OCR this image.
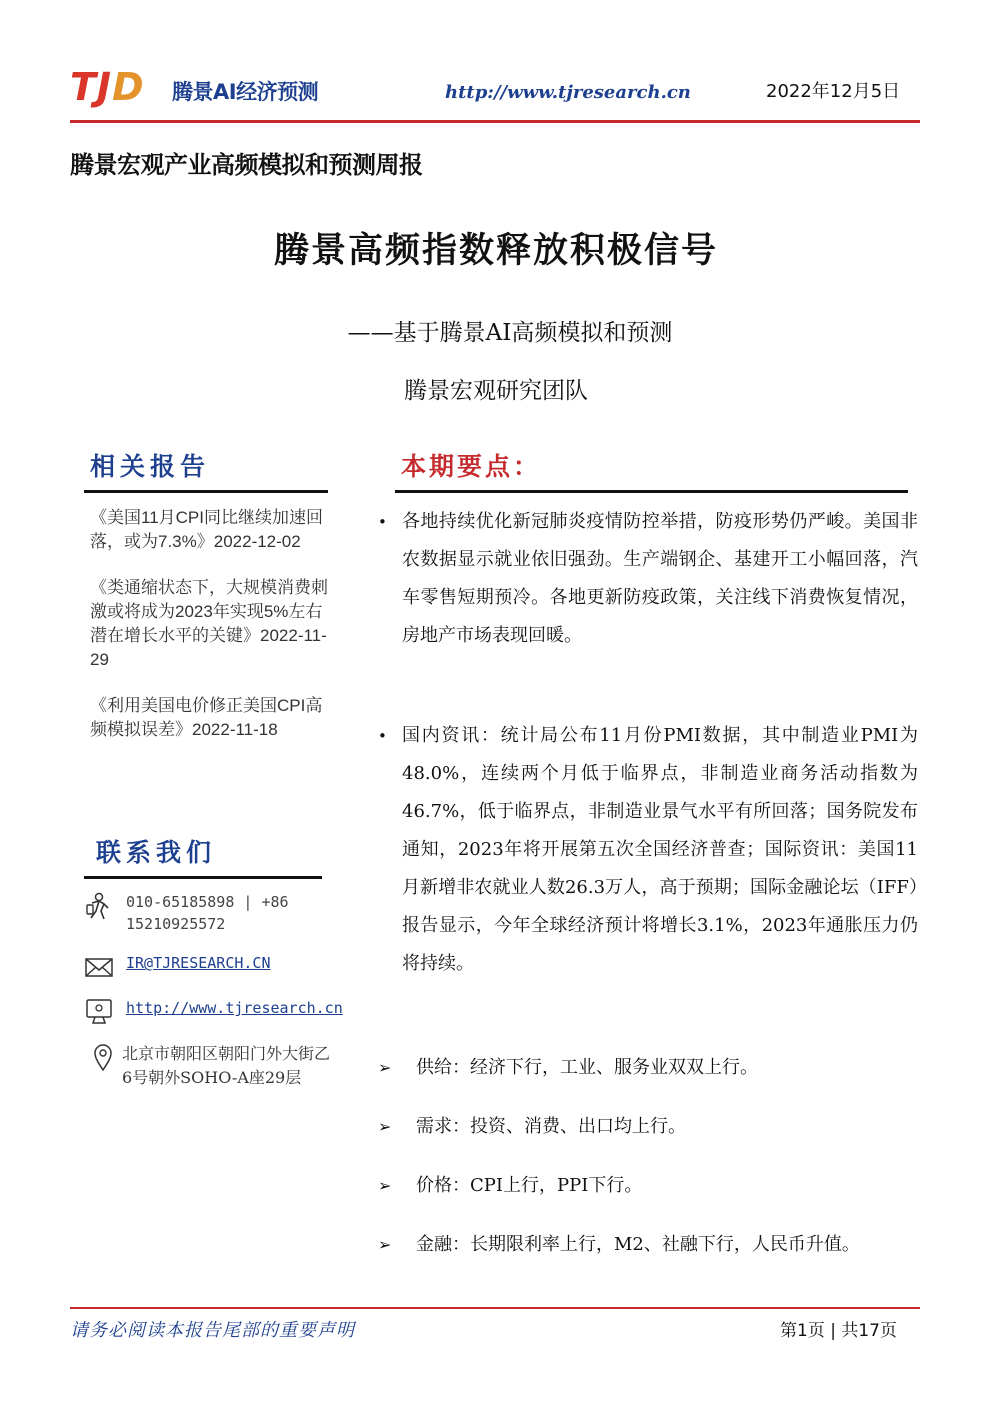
TJD 腾景AI经济预测	http://www.tjresearch.cn	2022年12月5日
腾景宏观产业高频模拟和预测周报
腾景高频指数释放积极信号
——基于腾景AI高频模拟和预测
腾景宏观研究团队
相关报告
《美国11月CPI同比继续加速回落，或为7.3%》2022-12-02
《类通缩状态下，大规模消费刺激或将成为2023年实现5%左右潜在增长水平的关键》2022-11-29
《利用美国电价修正美国CPI高频模拟误差》2022-11-18
联系我们
010-65185898 | +86
15210925572
IR@TJRESEARCH.CN
http://www.tjresearch.cn
北京市朝阳区朝阳门外大街乙
6号朝外SOHO-A座29层
本期要点：
• 各地持续优化新冠肺炎疫情防控举措，防疫形势仍严峻。美国非农数据显示就业依旧强劲。生产端钢企、基建开工小幅回落，汽车零售短期预冷。各地更新防疫政策，关注线下消费恢复情况，房地产市场表现回暖。
• 国内资讯：统计局公布11月份PMI数据，其中制造业PMI为48.0%，连续两个月低于临界点，非制造业商务活动指数为46.7%，低于临界点，非制造业景气水平有所回落；国务院发布通知，2023年将开展第五次全国经济普查；国际资讯：美国11月新增非农就业人数26.3万人，高于预期；国际金融论坛（IFF）报告显示，今年全球经济预计将增长3.1%，2023年通胀压力仍将持续。
➢	供给：经济下行，工业、服务业双双上行。
➢	需求：投资、消费、出口均上行。
➢	价格：CPI上行，PPI下行。
➢	金融：长期限利率上行，M2、社融下行，人民币升值。
请务必阅读本报告尾部的重要声明	第1页 | 共17页
